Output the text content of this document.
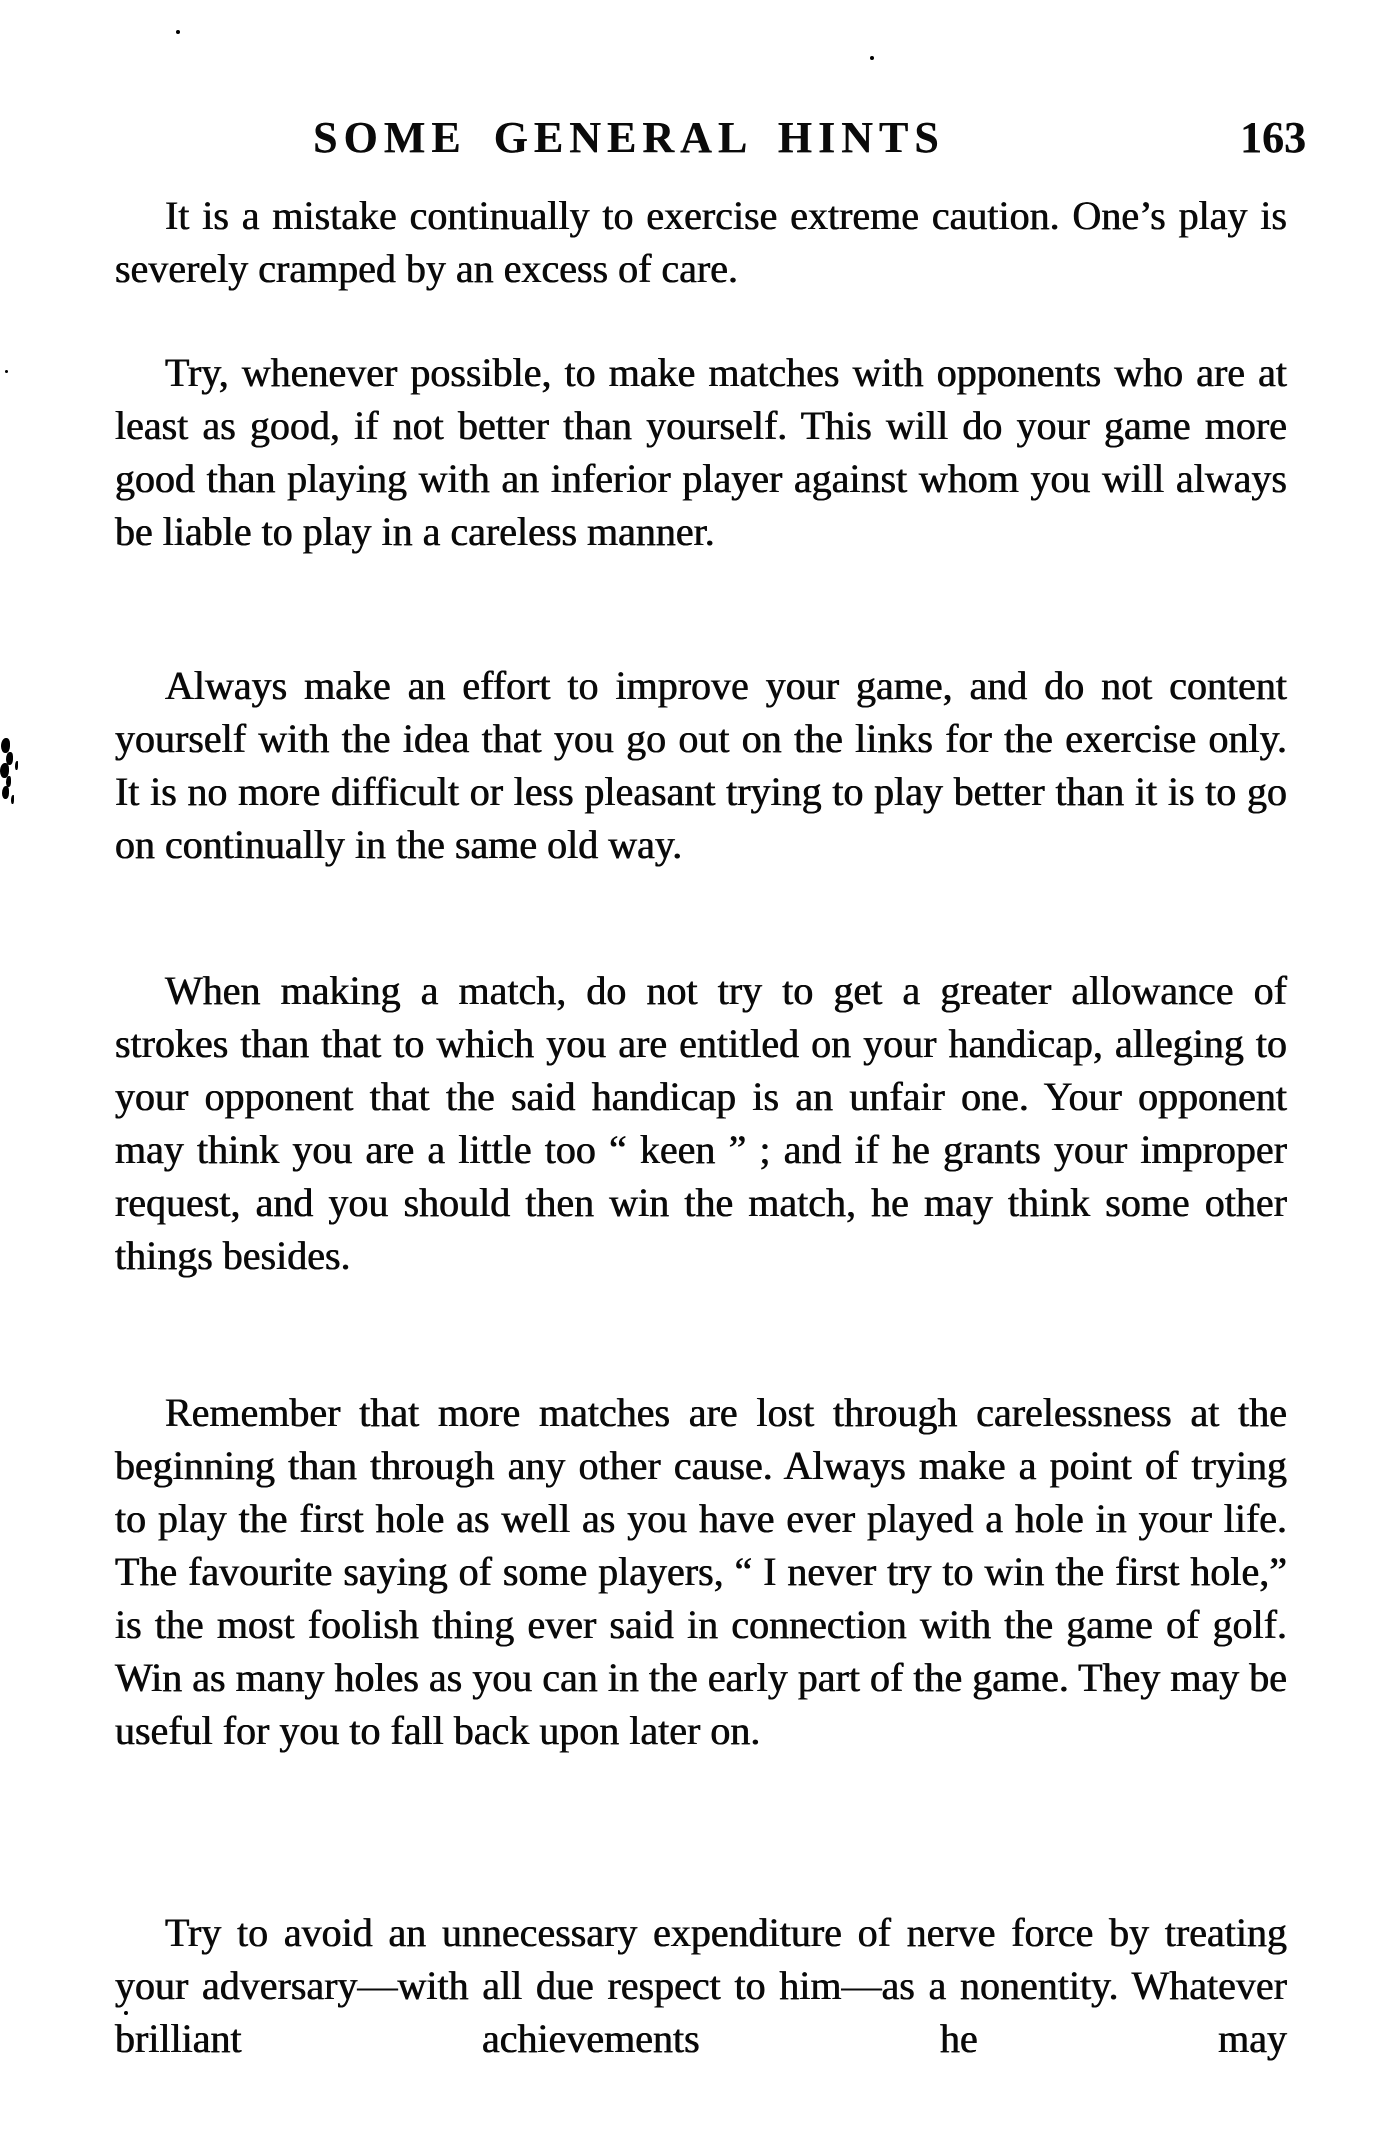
SOME GENERAL HINTS	163

It is a mistake continually to exercise extreme caution. One’s play is severely cramped by an excess of care.

Try, whenever possible, to make matches with opponents who are at least as good, if not better than yourself. This will do your game more good than playing with an inferior player against whom you will always be liable to play in a careless manner.

Always make an effort to improve your game, and do not content yourself with the idea that you go out on the links for the exercise only. It is no more difficult or less pleasant trying to play better than it is to go on continually in the same old way.

When making a match, do not try to get a greater allowance of strokes than that to which you are entitled on your handicap, alleging to your opponent that the said handicap is an unfair one. Your opponent may think you are a little too “ keen ” ; and if he grants your improper request, and you should then win the match, he may think some other things besides.

Remember that more matches are lost through carelessness at the beginning than through any other cause. Always make a point of trying to play the first hole as well as you have ever played a hole in your life. The favourite saying of some players, “ I never try to win the first hole,” is the most foolish thing ever said in connection with the game of golf. Win as many holes as you can in the early part of the game. They may be useful for you to fall back upon later on.

Try to avoid an unnecessary expenditure of nerve force by treating your adversary—with all due respect to him—as a nonentity. Whatever brilliant achievements he may
